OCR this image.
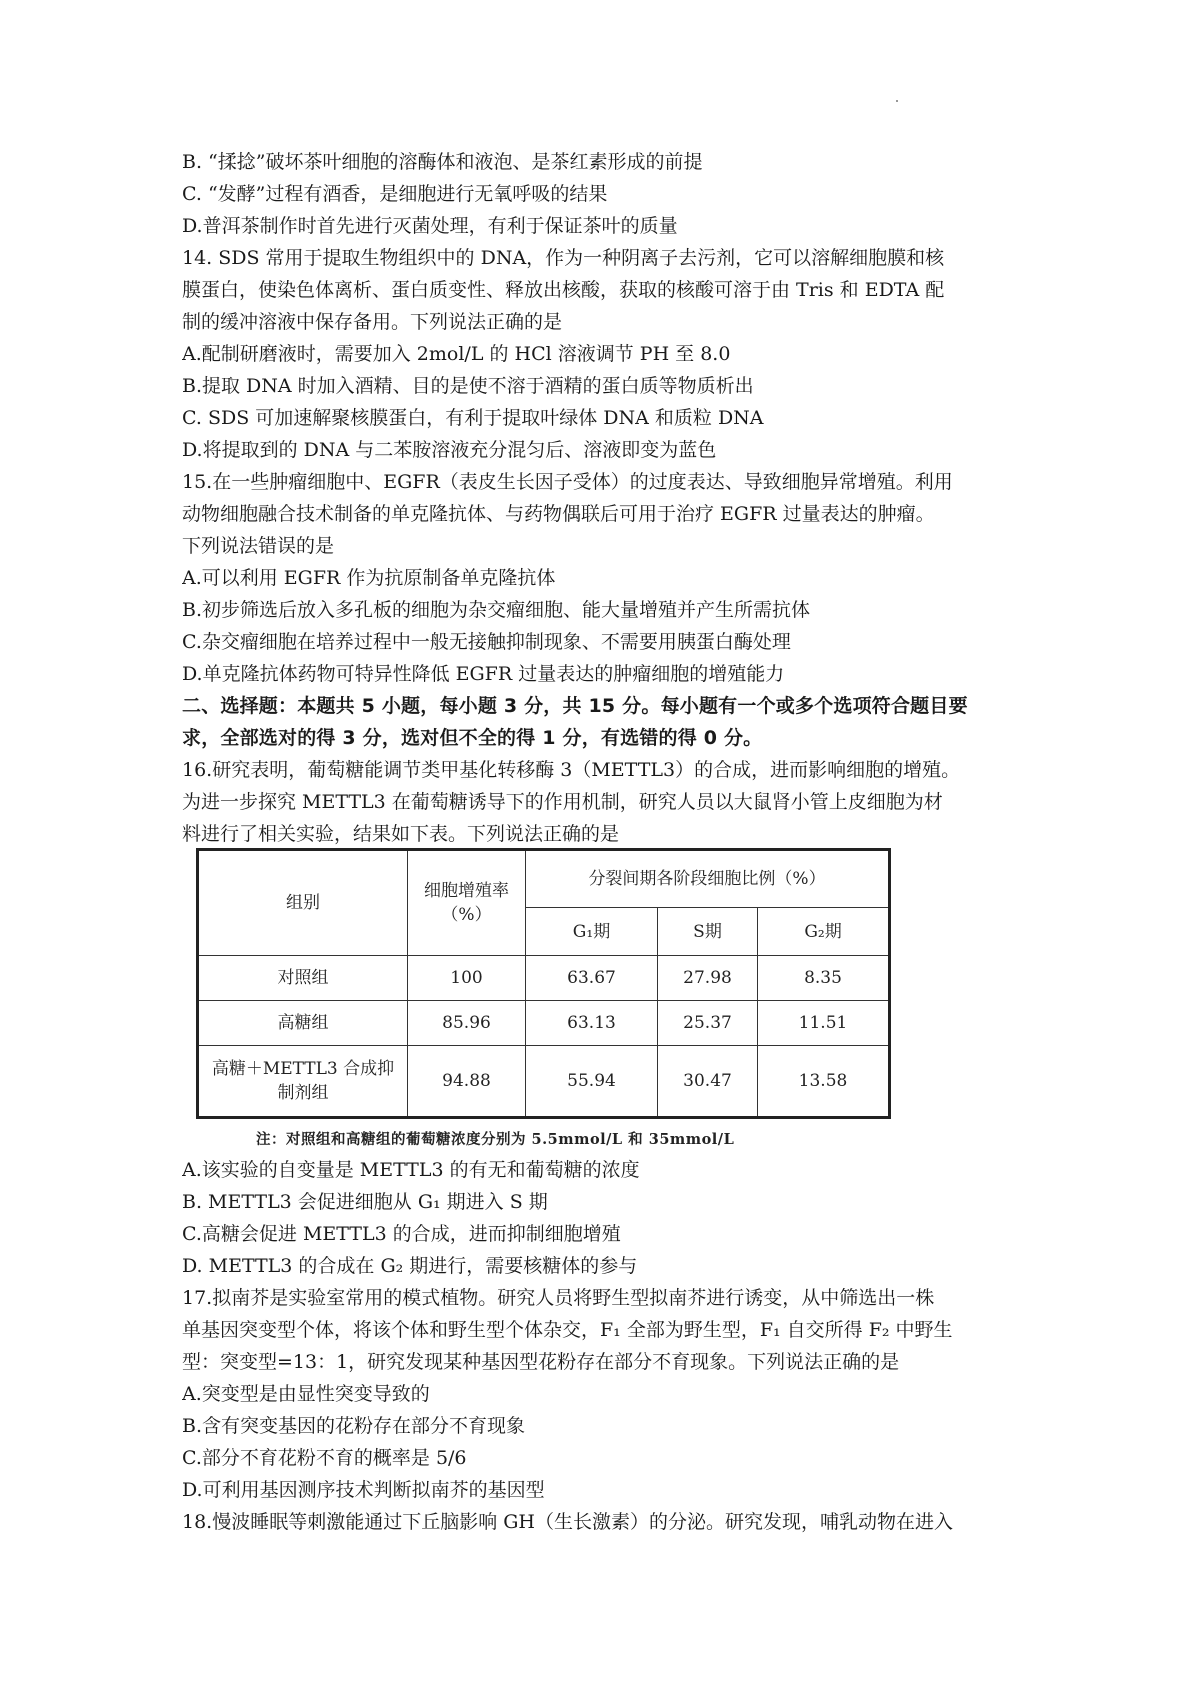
B. “揉捻”破坏茶叶细胞的溶酶体和液泡、是茶红素形成的前提
C. “发酵”过程有酒香，是细胞进行无氧呼吸的结果
D.普洱茶制作时首先进行灭菌处理，有利于保证茶叶的质量
14. SDS 常用于提取生物组织中的 DNA，作为一种阴离子去污剂，它可以溶解细胞膜和核
膜蛋白，使染色体离析、蛋白质变性、释放出核酸，获取的核酸可溶于由 Tris 和 EDTA 配
制的缓冲溶液中保存备用。下列说法正确的是
A.配制研磨液时，需要加入 2mol/L 的 HCl 溶液调节 PH 至 8.0
B.提取 DNA 时加入酒精、目的是使不溶于酒精的蛋白质等物质析出
C. SDS 可加速解聚核膜蛋白，有利于提取叶绿体 DNA 和质粒 DNA
D.将提取到的 DNA 与二苯胺溶液充分混匀后、溶液即变为蓝色
15.在一些肿瘤细胞中、EGFR（表皮生长因子受体）的过度表达、导致细胞异常增殖。利用
动物细胞融合技术制备的单克隆抗体、与药物偶联后可用于治疗 EGFR 过量表达的肿瘤。
下列说法错误的是
A.可以利用 EGFR 作为抗原制备单克隆抗体
B.初步筛选后放入多孔板的细胞为杂交瘤细胞、能大量增殖并产生所需抗体
C.杂交瘤细胞在培养过程中一般无接触抑制现象、不需要用胰蛋白酶处理
D.单克隆抗体药物可特异性降低 EGFR 过量表达的肿瘤细胞的增殖能力
二、选择题：本题共 5 小题，每小题 3 分，共 15 分。每小题有一个或多个选项符合题目要
求，全部选对的得 3 分，选对但不全的得 1 分，有选错的得 0 分。
16.研究表明，葡萄糖能调节类甲基化转移酶 3（METTL3）的合成，进而影响细胞的增殖。
为进一步探究 METTL3 在葡萄糖诱导下的作用机制，研究人员以大鼠肾小管上皮细胞为材
料进行了相关实验，结果如下表。下列说法正确的是
组别	细胞增殖率
（%）	分裂间期各阶段细胞比例（%）		
		G₁期	S期	G₂期
对照组	100	63.67	27.98	8.35
高糖组	85.96	63.13	25.37	11.51

高糖＋METTL3 合成抑
制剂组	94.88	55.94	30.47	13.58
注：对照组和高糖组的葡萄糖浓度分别为 5.5mmol/L 和 35mmol/L
A.该实验的自变量是 METTL3 的有无和葡萄糖的浓度
B. METTL3 会促进细胞从 G₁ 期进入 S 期
C.高糖会促进 METTL3 的合成，进而抑制细胞增殖
D. METTL3 的合成在 G₂ 期进行，需要核糖体的参与
17.拟南芥是实验室常用的模式植物。研究人员将野生型拟南芥进行诱变，从中筛选出一株
单基因突变型个体，将该个体和野生型个体杂交，F₁ 全部为野生型，F₁ 自交所得 F₂ 中野生
型：突变型=13：1，研究发现某种基因型花粉存在部分不育现象。下列说法正确的是
A.突变型是由显性突变导致的
B.含有突变基因的花粉存在部分不育现象
C.部分不育花粉不育的概率是 5/6
D.可利用基因测序技术判断拟南芥的基因型
18.慢波睡眠等刺激能通过下丘脑影响 GH（生长激素）的分泌。研究发现，哺乳动物在进入
